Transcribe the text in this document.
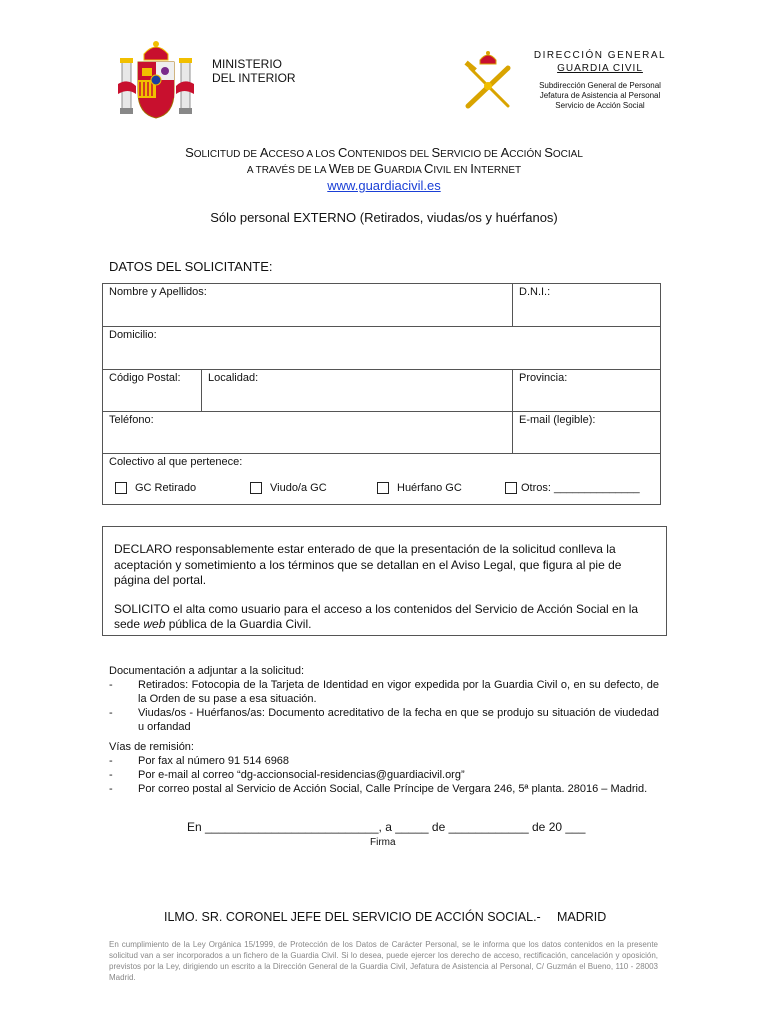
MINISTERIO
DEL INTERIOR
DIRECCIÓN GENERAL
GUARDIA CIVIL
Subdirección General de Personal
Jefatura de Asistencia al Personal
Servicio de Acción Social
SOLICITUD DE ACCESO A LOS CONTENIDOS DEL SERVICIO DE ACCIÓN SOCIAL
A TRAVÉS DE LA WEB DE GUARDIA CIVIL EN INTERNET
www.guardiacivil.es
Sólo personal EXTERNO (Retirados, viudas/os y huérfanos)
DATOS DEL SOLICITANTE:
Nombre y Apellidos:		D.N.I.:
Domicilio:		
Código Postal:	Localidad:	Provincia:
Teléfono:		E-mail (legible):
Colectivo al que pertenece:
GC Retirado Viudo/a GC Huérfano GC Otros: ______________		

DECLARO responsablemente estar enterado de que la presentación de la solicitud conlleva la aceptación y sometimiento a los términos que se detallan en el Aviso Legal, que figura al pie de página del portal.

SOLICITO el alta como usuario para el acceso a los contenidos del Servicio de Acción Social en la sede web pública de la Guardia Civil.

Documentación a adjuntar a la solicitud:
-	Retirados: Fotocopia de la Tarjeta de Identidad en vigor expedida por la Guardia Civil o, en su defecto, de la Orden de su pase a esa situación.
-	Viudas/os - Huérfanos/as: Documento acreditativo de la fecha en que se produjo su situación de viudedad u orfandad
Vías de remisión:
-	Por fax al número 91 514 6968
-	Por e-mail al correo “dg-accionsocial-residencias@guardiacivil.org”
-	Por correo postal al Servicio de Acción Social, Calle Príncipe de Vergara 246, 5ª planta. 28016 – Madrid.
En __________________________, a _____ de ____________ de 20 ___
Firma
ILMO. SR. CORONEL JEFE DEL SERVICIO DE ACCIÓN SOCIAL.- MADRID
En cumplimiento de la Ley Orgánica 15/1999, de Protección de los Datos de Carácter Personal, se le informa que los datos contenidos en la presente solicitud van a ser incorporados a un fichero de la Guardia Civil. Si lo desea, puede ejercer los derecho de acceso, rectificación, cancelación y oposición, previstos por la Ley, dirigiendo un escrito a la Dirección General de la Guardia Civil, Jefatura de Asistencia al Personal, C/ Guzmán el Bueno, 110 - 28003 Madrid.
